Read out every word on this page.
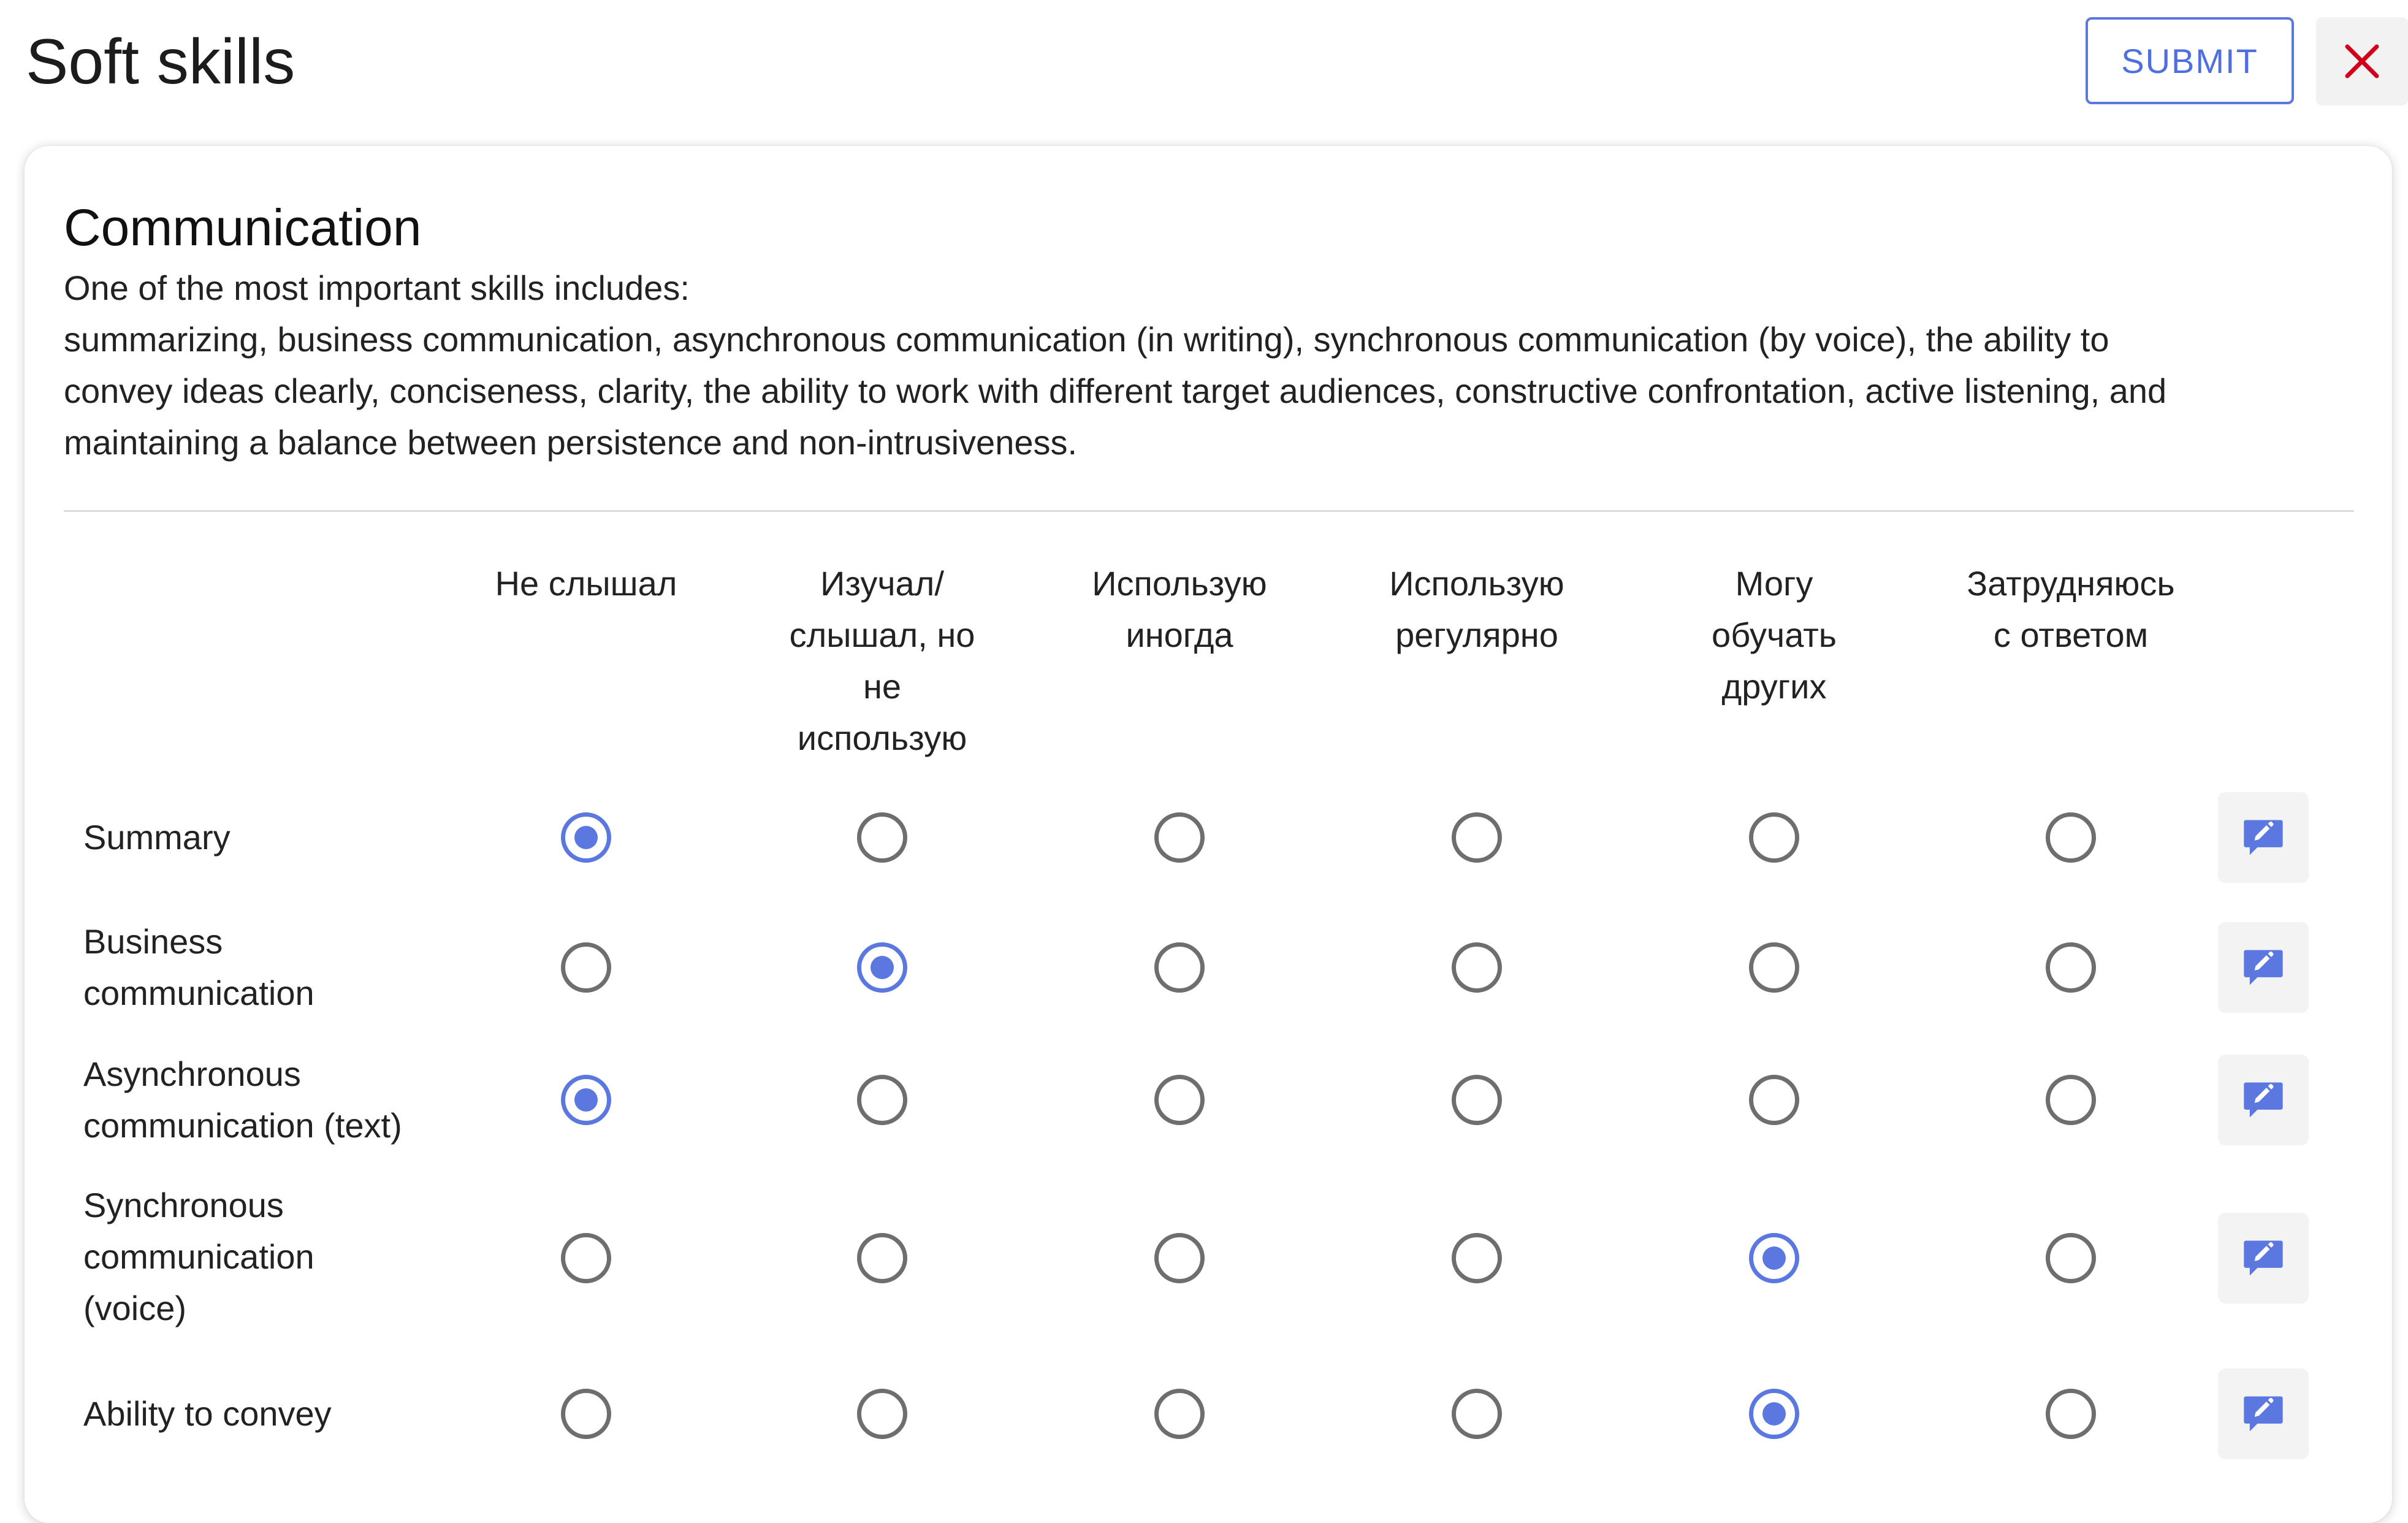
Soft skills	SUBMIT
Communication
One of the most important skills includes:
summarizing, business communication, asynchronous communication (in writing), synchronous communication (by voice), the ability to
convey ideas clearly, conciseness, clarity, the ability to work with different target audiences, constructive confrontation, active listening, and
maintaining a balance between persistence and non-intrusiveness.
Не слышал	Изучал/
слышал, но
не
использую
Использую
иногда
Использую
регулярно
Могу
обучать
других
Затрудняюсь
с ответом
Summary
Business
communication
Asynchronous
communication (text)
Synchronous
communication
(voice)
Ability to convey
